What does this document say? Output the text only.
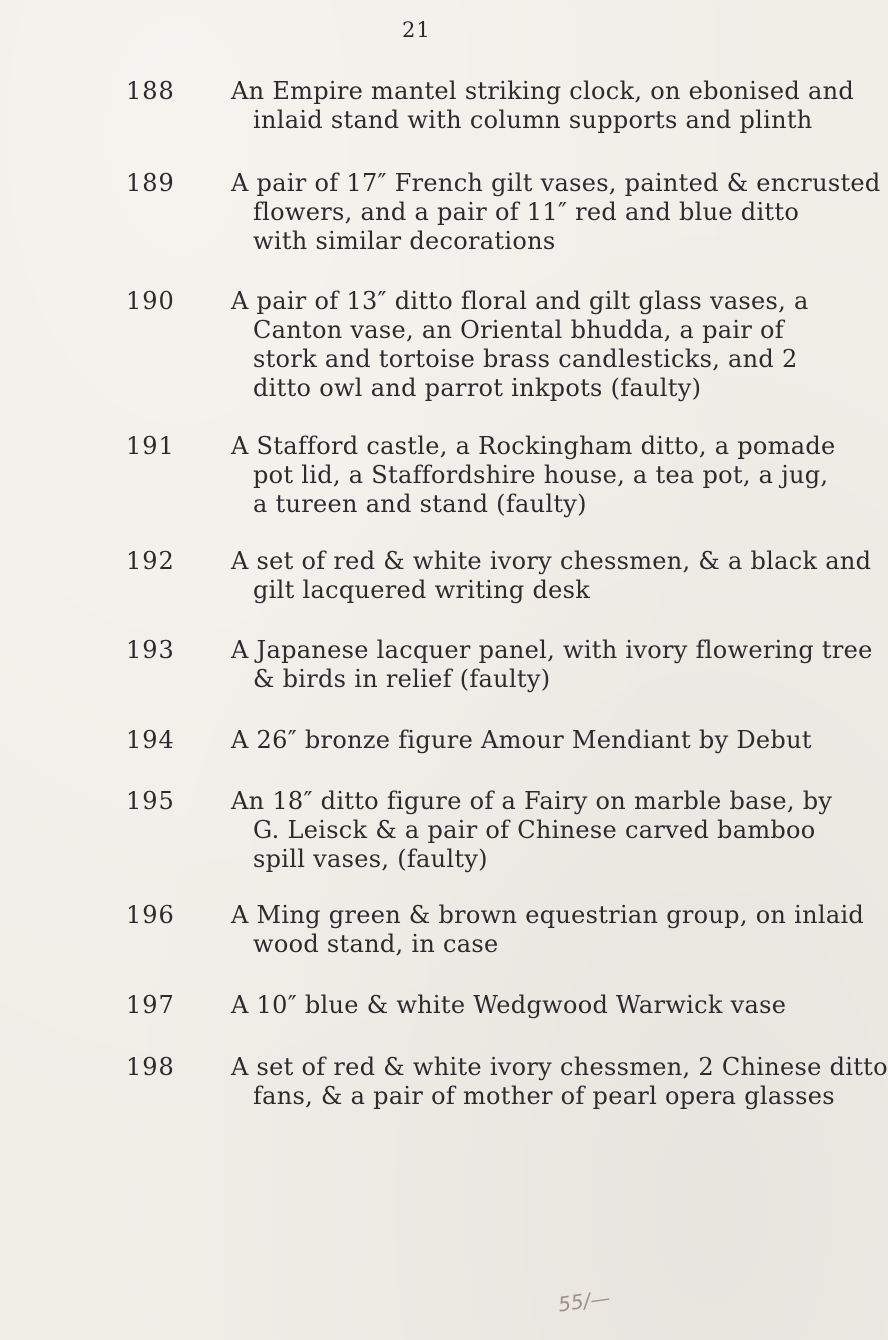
21
188 An Empire mantel striking clock, on ebonised and
inlaid stand with column supports and plinth
189 A pair of 17″ French gilt vases, painted & encrusted
flowers, and a pair of 11″ red and blue ditto
with similar decorations
190 A pair of 13″ ditto floral and gilt glass vases, a
Canton vase, an Oriental bhudda, a pair of
stork and tortoise brass candlesticks, and 2
ditto owl and parrot inkpots (faulty)
191 A Stafford castle, a Rockingham ditto, a pomade
pot lid, a Staffordshire house, a tea pot, a jug,
a tureen and stand (faulty)
192 A set of red & white ivory chessmen, & a black and
gilt lacquered writing desk
193 A Japanese lacquer panel, with ivory flowering tree
& birds in relief (faulty)
194 A 26″ bronze figure Amour Mendiant by Debut
195 An 18″ ditto figure of a Fairy on marble base, by
G. Leisck & a pair of Chinese carved bamboo
spill vases, (faulty)
196 A Ming green & brown equestrian group, on inlaid
wood stand, in case
197 A 10″ blue & white Wedgwood Warwick vase
198 A set of red & white ivory chessmen, 2 Chinese ditto
fans, & a pair of mother of pearl opera glasses
55/—
